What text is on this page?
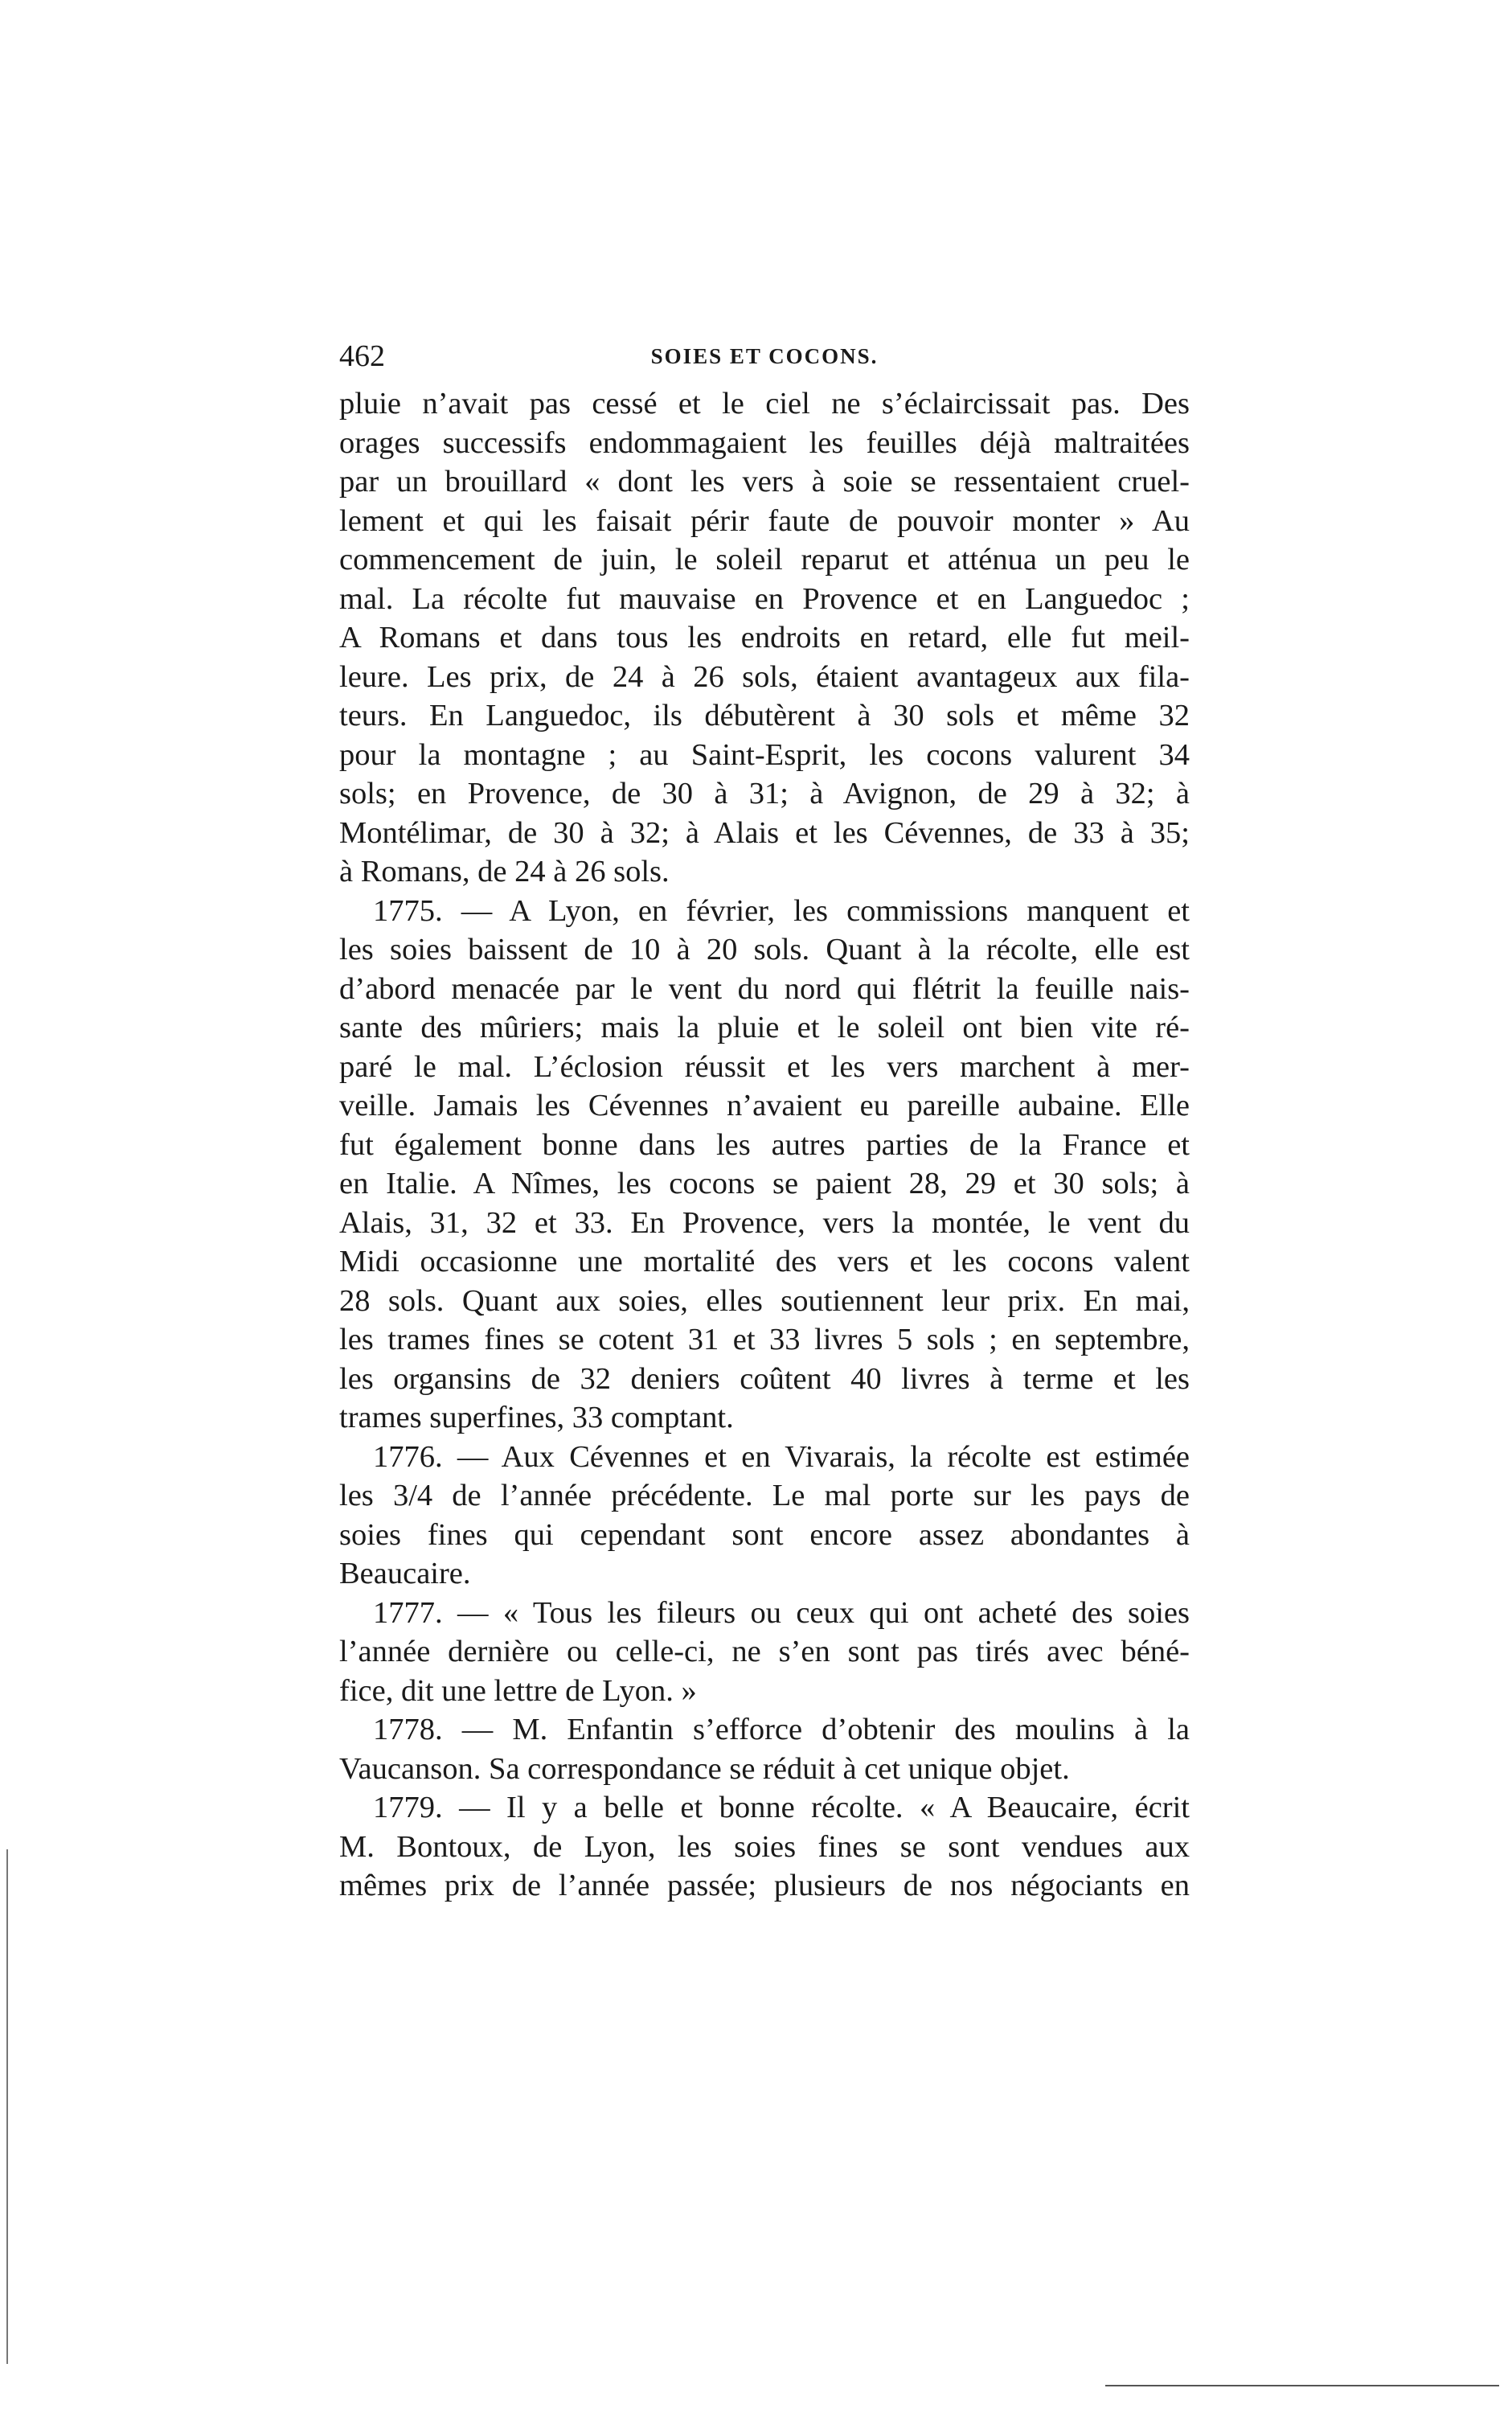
462	SOIES ET COCONS.
pluie n’avait pas cessé et le ciel ne s’éclaircissait pas. Des
orages successifs endommagaient les feuilles déjà maltraitées
par un brouillard « dont les vers à soie se ressentaient cruel-
lement et qui les faisait périr faute de pouvoir monter » Au
commencement de juin, le soleil reparut et atténua un peu le
mal. La récolte fut mauvaise en Provence et en Languedoc ;
A Romans et dans tous les endroits en retard, elle fut meil-
leure. Les prix, de 24 à 26 sols, étaient avantageux aux fila-
teurs. En Languedoc, ils débutèrent à 30 sols et même 32
pour la montagne ; au Saint-Esprit, les cocons valurent 34
sols; en Provence, de 30 à 31; à Avignon, de 29 à 32; à
Montélimar, de 30 à 32; à Alais et les Cévennes, de 33 à 35;
à Romans, de 24 à 26 sols.
1775. — A Lyon, en février, les commissions manquent et
les soies baissent de 10 à 20 sols. Quant à la récolte, elle est
d’abord menacée par le vent du nord qui flétrit la feuille nais-
sante des mûriers; mais la pluie et le soleil ont bien vite ré-
paré le mal. L’éclosion réussit et les vers marchent à mer-
veille. Jamais les Cévennes n’avaient eu pareille aubaine. Elle
fut également bonne dans les autres parties de la France et
en Italie. A Nîmes, les cocons se paient 28, 29 et 30 sols; à
Alais, 31, 32 et 33. En Provence, vers la montée, le vent du
Midi occasionne une mortalité des vers et les cocons valent
28 sols. Quant aux soies, elles soutiennent leur prix. En mai,
les trames fines se cotent 31 et 33 livres 5 sols ; en septembre,
les organsins de 32 deniers coûtent 40 livres à terme et les
trames superfines, 33 comptant.
1776. — Aux Cévennes et en Vivarais, la récolte est estimée
les 3/4 de l’année précédente. Le mal porte sur les pays de
soies fines qui cependant sont encore assez abondantes à
Beaucaire.
1777. — « Tous les fileurs ou ceux qui ont acheté des soies
l’année dernière ou celle-ci, ne s’en sont pas tirés avec béné-
fice, dit une lettre de Lyon. »
1778. — M. Enfantin s’efforce d’obtenir des moulins à la
Vaucanson. Sa correspondance se réduit à cet unique objet.
1779. — Il y a belle et bonne récolte. « A Beaucaire, écrit
M. Bontoux, de Lyon, les soies fines se sont vendues aux
mêmes prix de l’année passée; plusieurs de nos négociants en
